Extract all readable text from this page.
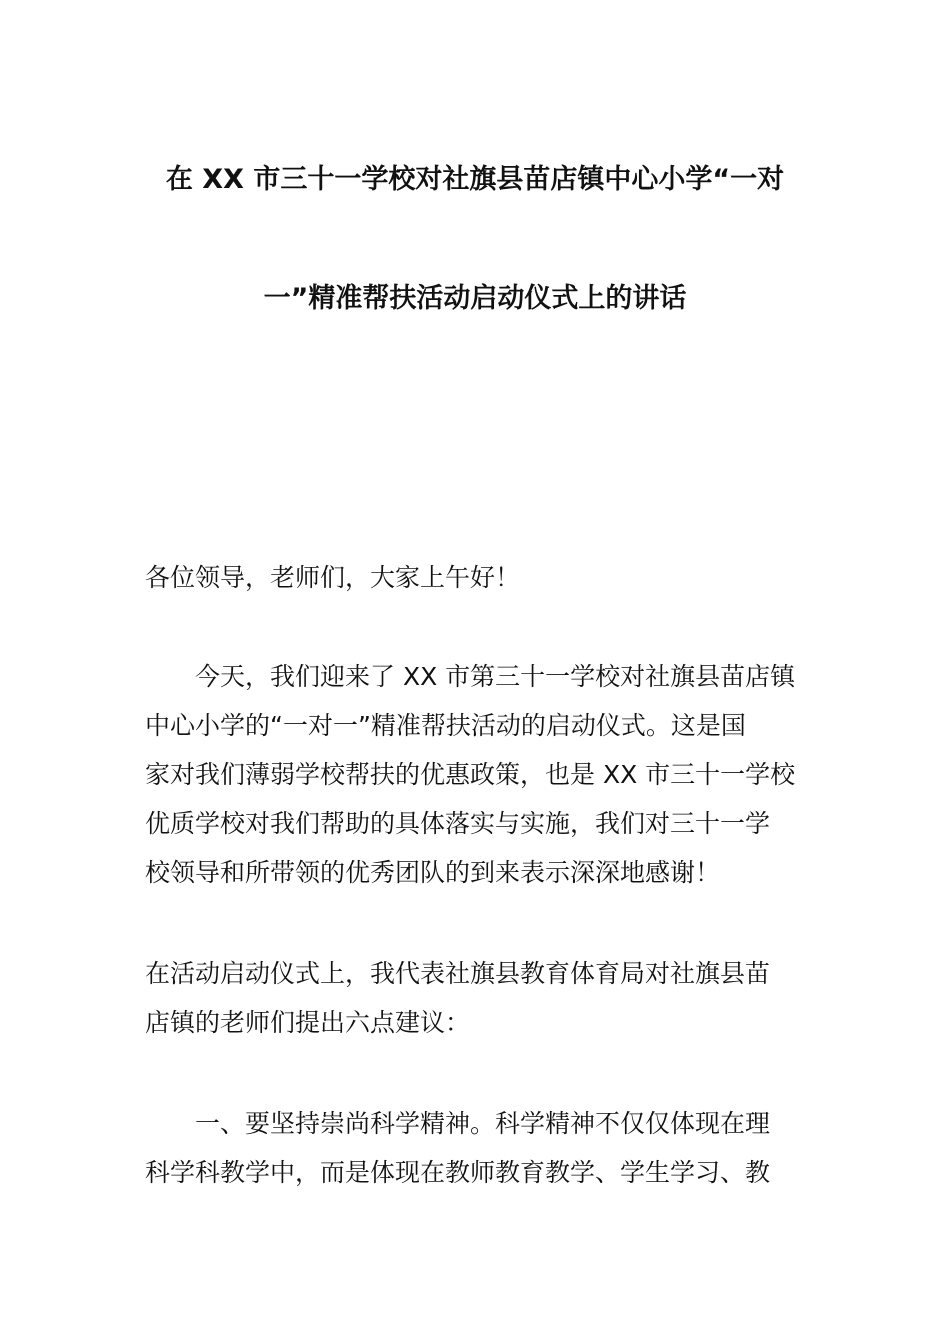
在 XX 市三十一学校对社旗县苗店镇中心小学“一对
一”精准帮扶活动启动仪式上的讲话
各位领导，老师们，大家上午好！
今天，我们迎来了 XX 市第三十一学校对社旗县苗店镇
中心小学的“一对一”精准帮扶活动的启动仪式。这是国
家对我们薄弱学校帮扶的优惠政策，也是 XX 市三十一学校
优质学校对我们帮助的具体落实与实施，我们对三十一学
校领导和所带领的优秀团队的到来表示深深地感谢！
在活动启动仪式上，我代表社旗县教育体育局对社旗县苗
店镇的老师们提出六点建议：
一、要坚持崇尚科学精神。科学精神不仅仅体现在理
科学科教学中，而是体现在教师教育教学、学生学习、教
